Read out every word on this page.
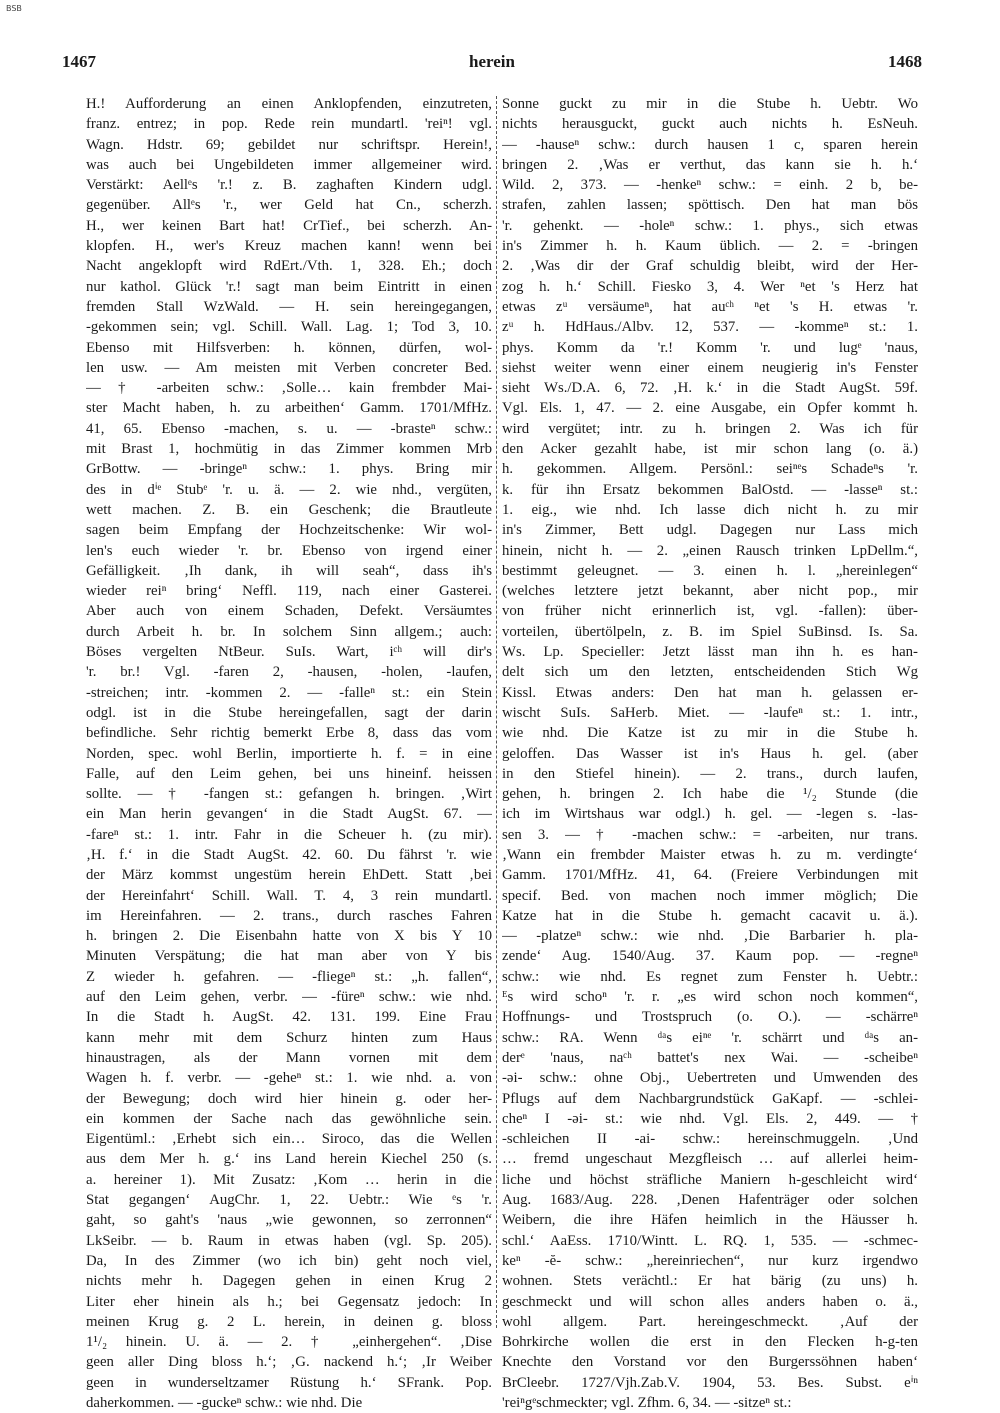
BSB
1467	herein	1468
H.! Aufforderung an einen Anklopfenden, einzutreten,
franz. entrez; in pop. Rede rein mundartl. 'reiⁿ! vgl.
Wagn. Hdstr. 69; gebildet nur schriftspr. Herein!,
was auch bei Ungebildeten immer allgemeiner wird.
Verstärkt: Aellᵉs 'r.! z. B. zaghaften Kindern udgl.
gegenüber. Allᵉs 'r., wer Geld hat Cn., scherzh.
H., wer keinen Bart hat! CrTief., bei scherzh. An-
klopfen. H., wer's Kreuz machen kann! wenn bei
Nacht angeklopft wird RdErt./Vth. 1, 328. Eh.; doch
nur kathol. Glück 'r.! sagt man beim Eintritt in einen
fremden Stall WzWald. — H. sein hereingegangen,
-gekommen sein; vgl. Schill. Wall. Lag. 1; Tod 3, 10.
Ebenso mit Hilfsverben: h. können, dürfen, wol-
len usw. — Am meisten mit Verben concreter Bed.
— † -arbeiten schw.: ‚Solle… kain frembder Mai-
ster Macht haben, h. zu arbeithen‘ Gamm. 1701/MfHz.
41, 65. Ebenso -machen, s. u. — -brasteⁿ schw.:
mit Brast 1, hochmütig in das Zimmer kommen Mrb
GrBottw. — -bringeⁿ schw.: 1. phys. Bring mir
des in dⁱᵉ Stubᵉ 'r. u. ä. — 2. wie nhd., vergüten,
wett machen. Z. B. ein Geschenk; die Brautleute
sagen beim Empfang der Hochzeitschenke: Wir wol-
len's euch wieder 'r. br. Ebenso von irgend einer
Gefälligkeit. ‚Ih dank, ih will seah“, dass ih's
wieder reiⁿ bring‘ Neffl. 119, nach einer Gasterei.
Aber auch von einem Schaden, Defekt. Versäumtes
durch Arbeit h. br. In solchem Sinn allgem.; auch:
Böses vergelten NtBeur. SuIs. Wart, iᶜʰ will dir's
'r. br.! Vgl. -faren 2, -hausen, -holen, -laufen,
-streichen; intr. -kommen 2. — -falleⁿ st.: ein Stein
odgl. ist in die Stube hereingefallen, sagt der darin
befindliche. Sehr richtig bemerkt Erbe 8, dass das vom
Norden, spec. wohl Berlin, importierte h. f. = in eine
Falle, auf den Leim gehen, bei uns hineinf. heissen
sollte. — † -fangen st.: gefangen h. bringen. ‚Wirt
ein Man herin gevangen‘ in die Stadt AugSt. 67. —
-fareⁿ st.: 1. intr. Fahr in die Scheuer h. (zu mir).
‚H. f.‘ in die Stadt AugSt. 42. 60. Du fährst 'r. wie
der März kommst ungestüm herein EhDett. Statt ‚bei
der Hereinfahrt‘ Schill. Wall. T. 4, 3 rein mundartl.
im Hereinfahren. — 2. trans., durch rasches Fahren
h. bringen 2. Die Eisenbahn hatte von X bis Y 10
Minuten Verspätung; die hat man aber von Y bis
Z wieder h. gefahren. — -fliegeⁿ st.: „h. fallen“,
auf den Leim gehen, verbr. — -füreⁿ schw.: wie nhd.
In die Stadt h. AugSt. 42. 131. 199. Eine Frau
kann mehr mit dem Schurz hinten zum Haus
hinaustragen, als der Mann vornen mit dem
Wagen h. f. verbr. — -geheⁿ st.: 1. wie nhd. a. von
der Bewegung; doch wird hier hinein g. oder her-
ein kommen der Sache nach das gewöhnliche sein.
Eigentüml.: ‚Erhebt sich ein… Siroco, das die Wellen
aus dem Mer h. g.‘ ins Land herein Kiechel 250 (s.
a. hereiner 1). Mit Zusatz: ‚Kom … herin in die
Stat gegangen‘ AugChr. 1, 22. Uebtr.: Wie ᵉs 'r.
gaht, so gaht's 'naus „wie gewonnen, so zerronnen“
LkSeibr. — b. Raum in etwas haben (vgl. Sp. 205).
Da, In des Zimmer (wo ich bin) geht noch viel,
nichts mehr h. Dagegen gehen in einen Krug 2
Liter eher hinein als h.; bei Gegensatz jedoch: In
meinen Krug g. 2 L. herein, in deinen g. bloss
1¹/₂ hinein. U. ä. — 2. † „einhergehen“. ‚Dise
geen aller Ding bloss h.‘; ‚G. nackend h.‘; ‚Ir Weiber
geen in wunderseltzamer Rüstung h.‘ SFrank. Pop.
daherkommen. — -guckeⁿ schw.: wie nhd. Die
Sonne guckt zu mir in die Stube h. Uebtr. Wo
nichts herausguckt, guckt auch nichts h. EsNeuh.
— -hauseⁿ schw.: durch hausen 1 c, sparen herein
bringen 2. ‚Was er verthut, das kann sie h. h.‘
Wild. 2, 373. — -henkeⁿ schw.: = einh. 2 b, be-
strafen, zahlen lassen; spöttisch. Den hat man bös
'r. gehenkt. — -holeⁿ schw.: 1. phys., sich etwas
in's Zimmer h. h. Kaum üblich. — 2. = -bringen
2. ‚Was dir der Graf schuldig bleibt, wird der Her-
zog h. h.‘ Schill. Fiesko 3, 4. Wer ⁿet 's Herz hat
etwas zᵘ versäumeⁿ, hat auᶜʰ ⁿet 's H. etwas 'r.
zᵘ h. HdHaus./Albv. 12, 537. — -kommeⁿ st.: 1.
phys. Komm da 'r.! Komm 'r. und lugᵉ 'naus,
siehst weiter wenn einer einem neugierig in's Fenster
sieht Ws./D.A. 6, 72. ‚H. k.‘ in die Stadt AugSt. 59f.
Vgl. Els. 1, 47. — 2. eine Ausgabe, ein Opfer kommt h.
wird vergütet; intr. zu h. bringen 2. Was ich für
den Acker gezahlt habe, ist mir schon lang (o. ä.)
h. gekommen. Allgem. Persönl.: seiⁿᵉs Schadeⁿs 'r.
k. für ihn Ersatz bekommen BalOstd. — -lasseⁿ st.:
1. eig., wie nhd. Ich lasse dich nicht h. zu mir
in's Zimmer, Bett udgl. Dagegen nur Lass mich
hinein, nicht h. — 2. „einen Rausch trinken LpDellm.“,
bestimmt geleugnet. — 3. einen h. l. „hereinlegen“
(welches letztere jetzt bekannt, aber nicht pop., mir
von früher nicht erinnerlich ist, vgl. -fallen): über-
vorteilen, übertölpeln, z. B. im Spiel SuBinsd. Is. Sa.
Ws. Lp. Specieller: Jetzt lässt man ihn h. es han-
delt sich um den letzten, entscheidenden Stich Wg
Kissl. Etwas anders: Den hat man h. gelassen er-
wischt SuIs. SaHerb. Miet. — -laufeⁿ st.: 1. intr.,
wie nhd. Die Katze ist zu mir in die Stube h.
geloffen. Das Wasser ist in's Haus h. gel. (aber
in den Stiefel hinein). — 2. trans., durch laufen,
gehen, h. bringen 2. Ich habe die ¹/₂ Stunde (die
ich im Wirtshaus war odgl.) h. gel. — -legen s. -las-
sen 3. — † -machen schw.: = -arbeiten, nur trans.
‚Wann ein frembder Maister etwas h. zu m. verdingte‘
Gamm. 1701/MfHz. 41, 64. (Freiere Verbindungen mit
specif. Bed. von machen noch immer möglich; Die
Katze hat in die Stube h. gemacht cacavit u. ä.).
— -platzeⁿ schw.: wie nhd. ‚Die Barbarier h. pla-
zende‘ Aug. 1540/Aug. 37. Kaum pop. — -regneⁿ
schw.: wie nhd. Es regnet zum Fenster h. Uebtr.:
ᴱs wird schoⁿ 'r. r. „es wird schon noch kommen“,
Hoffnungs- und Trostspruch (o. O.). — -schärreⁿ
schw.: RA. Wenn ᵈᵃs eiⁿᵉ 'r. schärrt und ᵈᵃs an-
derᵉ 'naus, naᶜʰ battet's nex Wai. — -scheibeⁿ
-əi- schw.: ohne Obj., Uebertreten und Umwenden des
Pflugs auf dem Nachbargrundstück GaKapf. — -schlei-
cheⁿ I -əi- st.: wie nhd. Vgl. Els. 2, 449. — †
-schleichen II -ai- schw.: hereinschmuggeln. ‚Und
… fremd ungeschaut Mezgfleisch … auf allerlei heim-
liche und höchst sträfliche Maniern h-geschleicht wird‘
Aug. 1683/Aug. 228. ‚Denen Hafenträger oder solchen
Weibern, die ihre Häfen heimlich in the Häusser h.
schl.‘ AaEss. 1710/Wintt. L. RQ. 1, 535. — -schmec-
keⁿ -ĕ- schw.: „hereinriechen“, nur kurz irgendwo
wohnen. Stets verächtl.: Er hat bärig (zu uns) h.
geschmeckt und will schon alles anders haben o. ä.,
wohl allgem. Part. hereingeschmeckt. ‚Auf der
Bohrkirche wollen die erst in den Flecken h-g-ten
Knechte den Vorstand vor den Burgerssöhnen haben‘
BrCleebr. 1727/Vjh.Zab.V. 1904, 53. Bes. Subst. eⁱⁿ
'reiⁿgᵉschmeckter; vgl. Zfhm. 6, 34. — -sitzeⁿ st.:
